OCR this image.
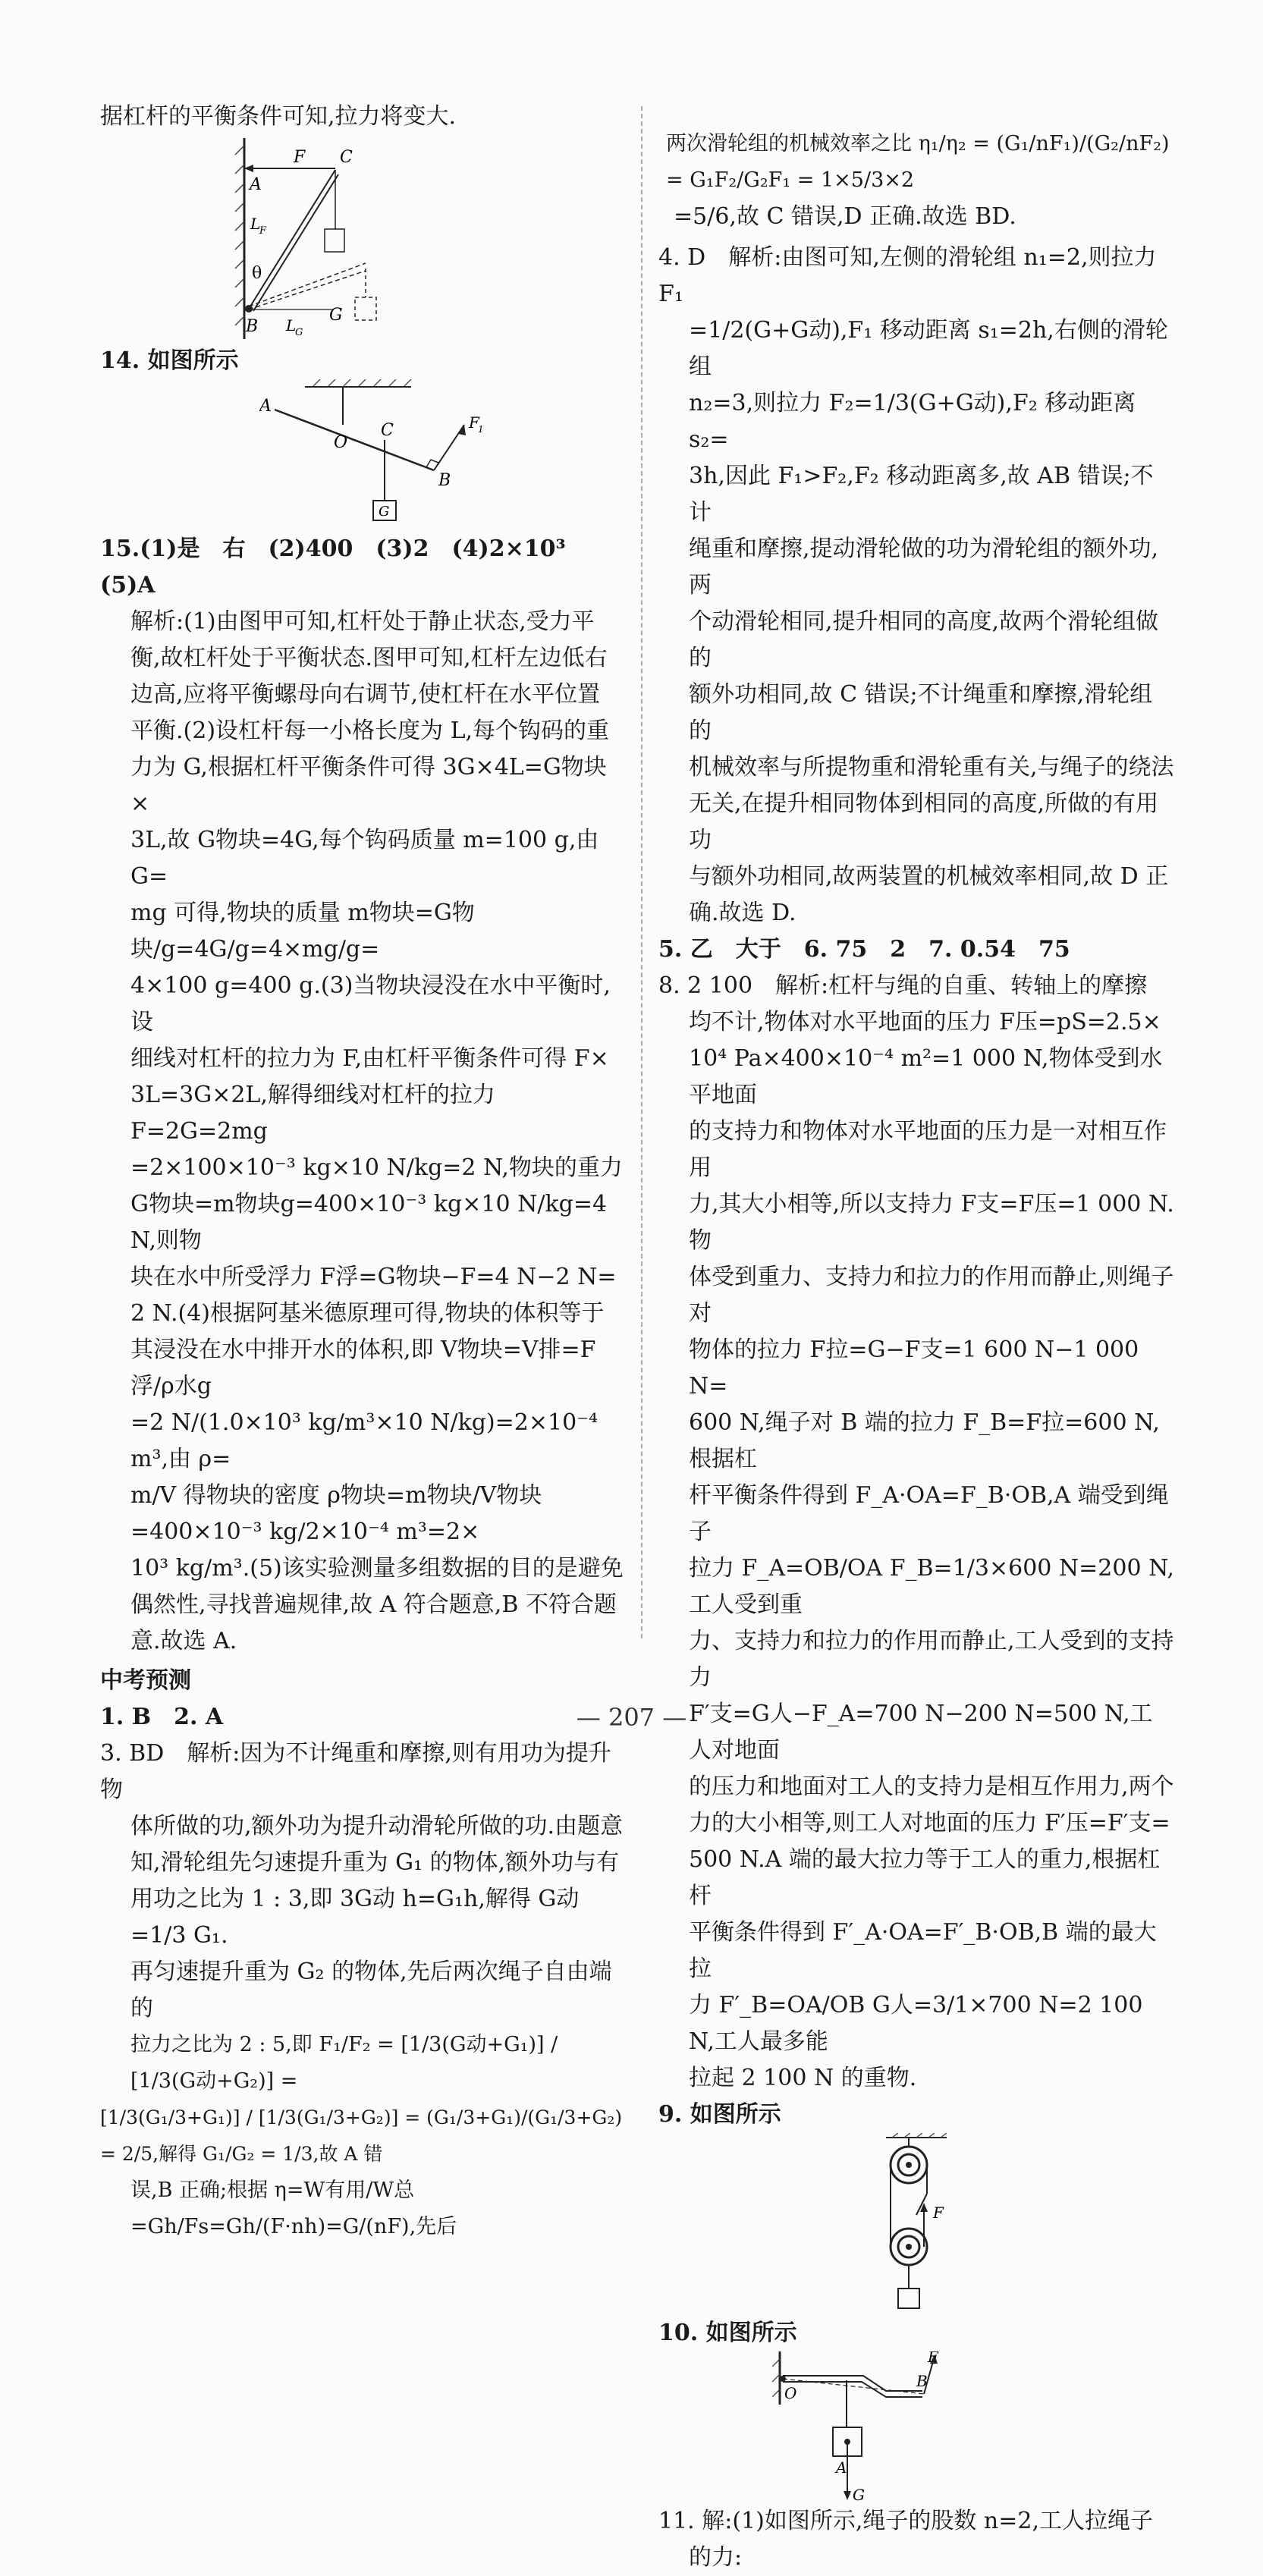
据杠杆的平衡条件可知,拉力将变大.

F C
A
L
F
θ
B L
G
G

14. 如图所示

A
O
C	F
1
B
G

15.(1)是　右　(2)400　(3)2　(4)2×10³　(5)A

解析:(1)由图甲可知,杠杆处于静止状态,受力平

衡,故杠杆处于平衡状态.图甲可知,杠杆左边低右

边高,应将平衡螺母向右调节,使杠杆在水平位置

平衡.(2)设杠杆每一小格长度为 L,每个钩码的重

力为 G,根据杠杆平衡条件可得 3G×4L=G物块×

3L,故 G物块=4G,每个钩码质量 m=100 g,由 G=

mg 可得,物块的质量 m物块=G物块/g=4G/g=4×mg/g=

4×100 g=400 g.(3)当物块浸没在水中平衡时,设

细线对杠杆的拉力为 F,由杠杆平衡条件可得 F×

3L=3G×2L,解得细线对杠杆的拉力 F=2G=2mg

=2×100×10⁻³ kg×10 N/kg=2 N,物块的重力

G物块=m物块g=400×10⁻³ kg×10 N/kg=4 N,则物

块在水中所受浮力 F浮=G物块−F=4 N−2 N=

2 N.(4)根据阿基米德原理可得,物块的体积等于

其浸没在水中排开水的体积,即 V物块=V排=F浮/ρ水g

=2 N/(1.0×10³ kg/m³×10 N/kg)=2×10⁻⁴ m³,由 ρ=

m/V 得物块的密度 ρ物块=m物块/V物块=400×10⁻³ kg/2×10⁻⁴ m³=2×

10³ kg/m³.(5)该实验测量多组数据的目的是避免

偶然性,寻找普遍规律,故 A 符合题意,B 不符合题

意.故选 A.

中考预测

1. B　2. A

3. BD　解析:因为不计绳重和摩擦,则有用功为提升物

体所做的功,额外功为提升动滑轮所做的功.由题意

知,滑轮组先匀速提升重为 G₁ 的物体,额外功与有

用功之比为 1 : 3,即 3G动 h=G₁h,解得 G动=1/3 G₁.

再匀速提升重为 G₂ 的物体,先后两次绳子自由端的

拉力之比为 2 : 5,即 F₁/F₂ = [1/3(G动+G₁)] / [1/3(G动+G₂)] =

[1/3(G₁/3+G₁)] / [1/3(G₁/3+G₂)] = (G₁/3+G₁)/(G₁/3+G₂) = 2/5,解得 G₁/G₂ = 1/3,故 A 错

误,B 正确;根据 η=W有用/W总=Gh/Fs=Gh/(F·nh)=G/(nF),先后

两次滑轮组的机械效率之比 η₁/η₂ = (G₁/nF₁)/(G₂/nF₂) = G₁F₂/G₂F₁ = 1×5/3×2

=5/6,故 C 错误,D 正确.故选 BD.

4. D　解析:由图可知,左侧的滑轮组 n₁=2,则拉力 F₁

=1/2(G+G动),F₁ 移动距离 s₁=2h,右侧的滑轮组

n₂=3,则拉力 F₂=1/3(G+G动),F₂ 移动距离 s₂=

3h,因此 F₁>F₂,F₂ 移动距离多,故 AB 错误;不计

绳重和摩擦,提动滑轮做的功为滑轮组的额外功,两

个动滑轮相同,提升相同的高度,故两个滑轮组做的

额外功相同,故 C 错误;不计绳重和摩擦,滑轮组的

机械效率与所提物重和滑轮重有关,与绳子的绕法

无关,在提升相同物体到相同的高度,所做的有用功

与额外功相同,故两装置的机械效率相同,故 D 正

确.故选 D.

5. 乙　大于　6. 75　2　7. 0.54　75

8. 2 100　解析:杠杆与绳的自重、转轴上的摩擦

均不计,物体对水平地面的压力 F压=pS=2.5×

10⁴ Pa×400×10⁻⁴ m²=1 000 N,物体受到水平地面

的支持力和物体对水平地面的压力是一对相互作用

力,其大小相等,所以支持力 F支=F压=1 000 N.物

体受到重力、支持力和拉力的作用而静止,则绳子对

物体的拉力 F拉=G−F支=1 600 N−1 000 N=

600 N,绳子对 B 端的拉力 F_B=F拉=600 N,根据杠

杆平衡条件得到 F_A·OA=F_B·OB,A 端受到绳子

拉力 F_A=OB/OA F_B=1/3×600 N=200 N,工人受到重

力、支持力和拉力的作用而静止,工人受到的支持力

F′支=G人−F_A=700 N−200 N=500 N,工人对地面

的压力和地面对工人的支持力是相互作用力,两个

力的大小相等,则工人对地面的压力 F′压=F′支=

500 N.A 端的最大拉力等于工人的重力,根据杠杆

平衡条件得到 F′_A·OA=F′_B·OB,B 端的最大拉

力 F′_B=OA/OB G人=3/1×700 N=2 100 N,工人最多能

拉起 2 100 N 的重物.

9. 如图所示

F

10. 如图所示

F
O
B
A
G

11. 解:(1)如图所示,绳子的股数 n=2,工人拉绳子

的力:

— 207 —
